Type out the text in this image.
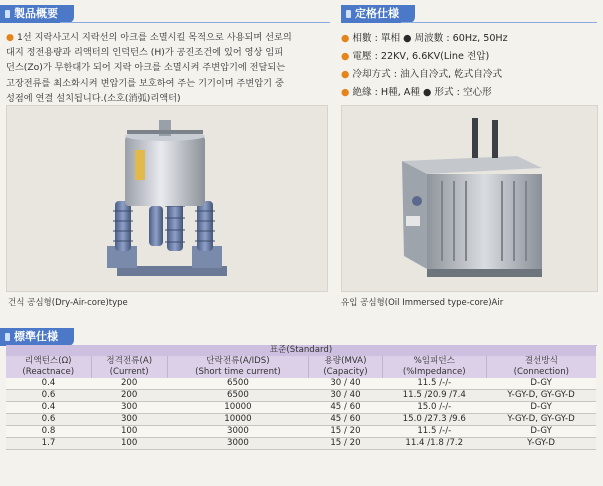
製品概要	定格仕様
● 1선 지락사고시 지락선의 아크를 소멸시킬 목적으로 사용되며 선로의
대지 정전용량과 리액터의 인덕턴스 (H)가 공진조건에 있어 영상 임피
던스(Zo)가 무한대가 되어 지락 아크를 소멸시켜 주변압기에 전달되는
고장전류를 최소화시켜 변압기를 보호하여 주는 기기이며 주변압기 중
성점에 연결 설치됩니다.(소호(消弧)리액터)
● 相數 : 單相 ● 周波數 : 60Hz, 50Hz
● 電壓 : 22KV, 6.6KV(Line 전압)
● 冷却方式 : 油入自冷式, 乾式自冷式
● 絶緣 : H種, A種 ● 形式 : 空心形
건식 공심형(Dry-Air-core)type	유입 공심형(Oil Immersed type-core)Air
標準仕様
표준(Standard)					
리액턴스(Ω)	정격전류(A)	단락전류(A/IDS)	용량(MVA)	%임피던스	결선방식
(Reactnace)	(Current)	(Short time current)	(Capacity)	(%Impedance)	(Connection)
0.4	200	6500	30 / 40	11.5 /-/-	D-GY
0.6	200	6500	30 / 40	11.5 /20.9 /7.4	Y-GY-D, GY-GY-D
0.4	300	10000	45 / 60	15.0 /-/-	D-GY
0.6	300	10000	45 / 60	15.0 /27.3 /9.6	Y-GY-D, GY-GY-D
0.8	100	3000	15 / 20	11.5 /-/-	D-GY
1.7	100	3000	15 / 20	11.4 /1.8 /7.2	Y-GY-D
